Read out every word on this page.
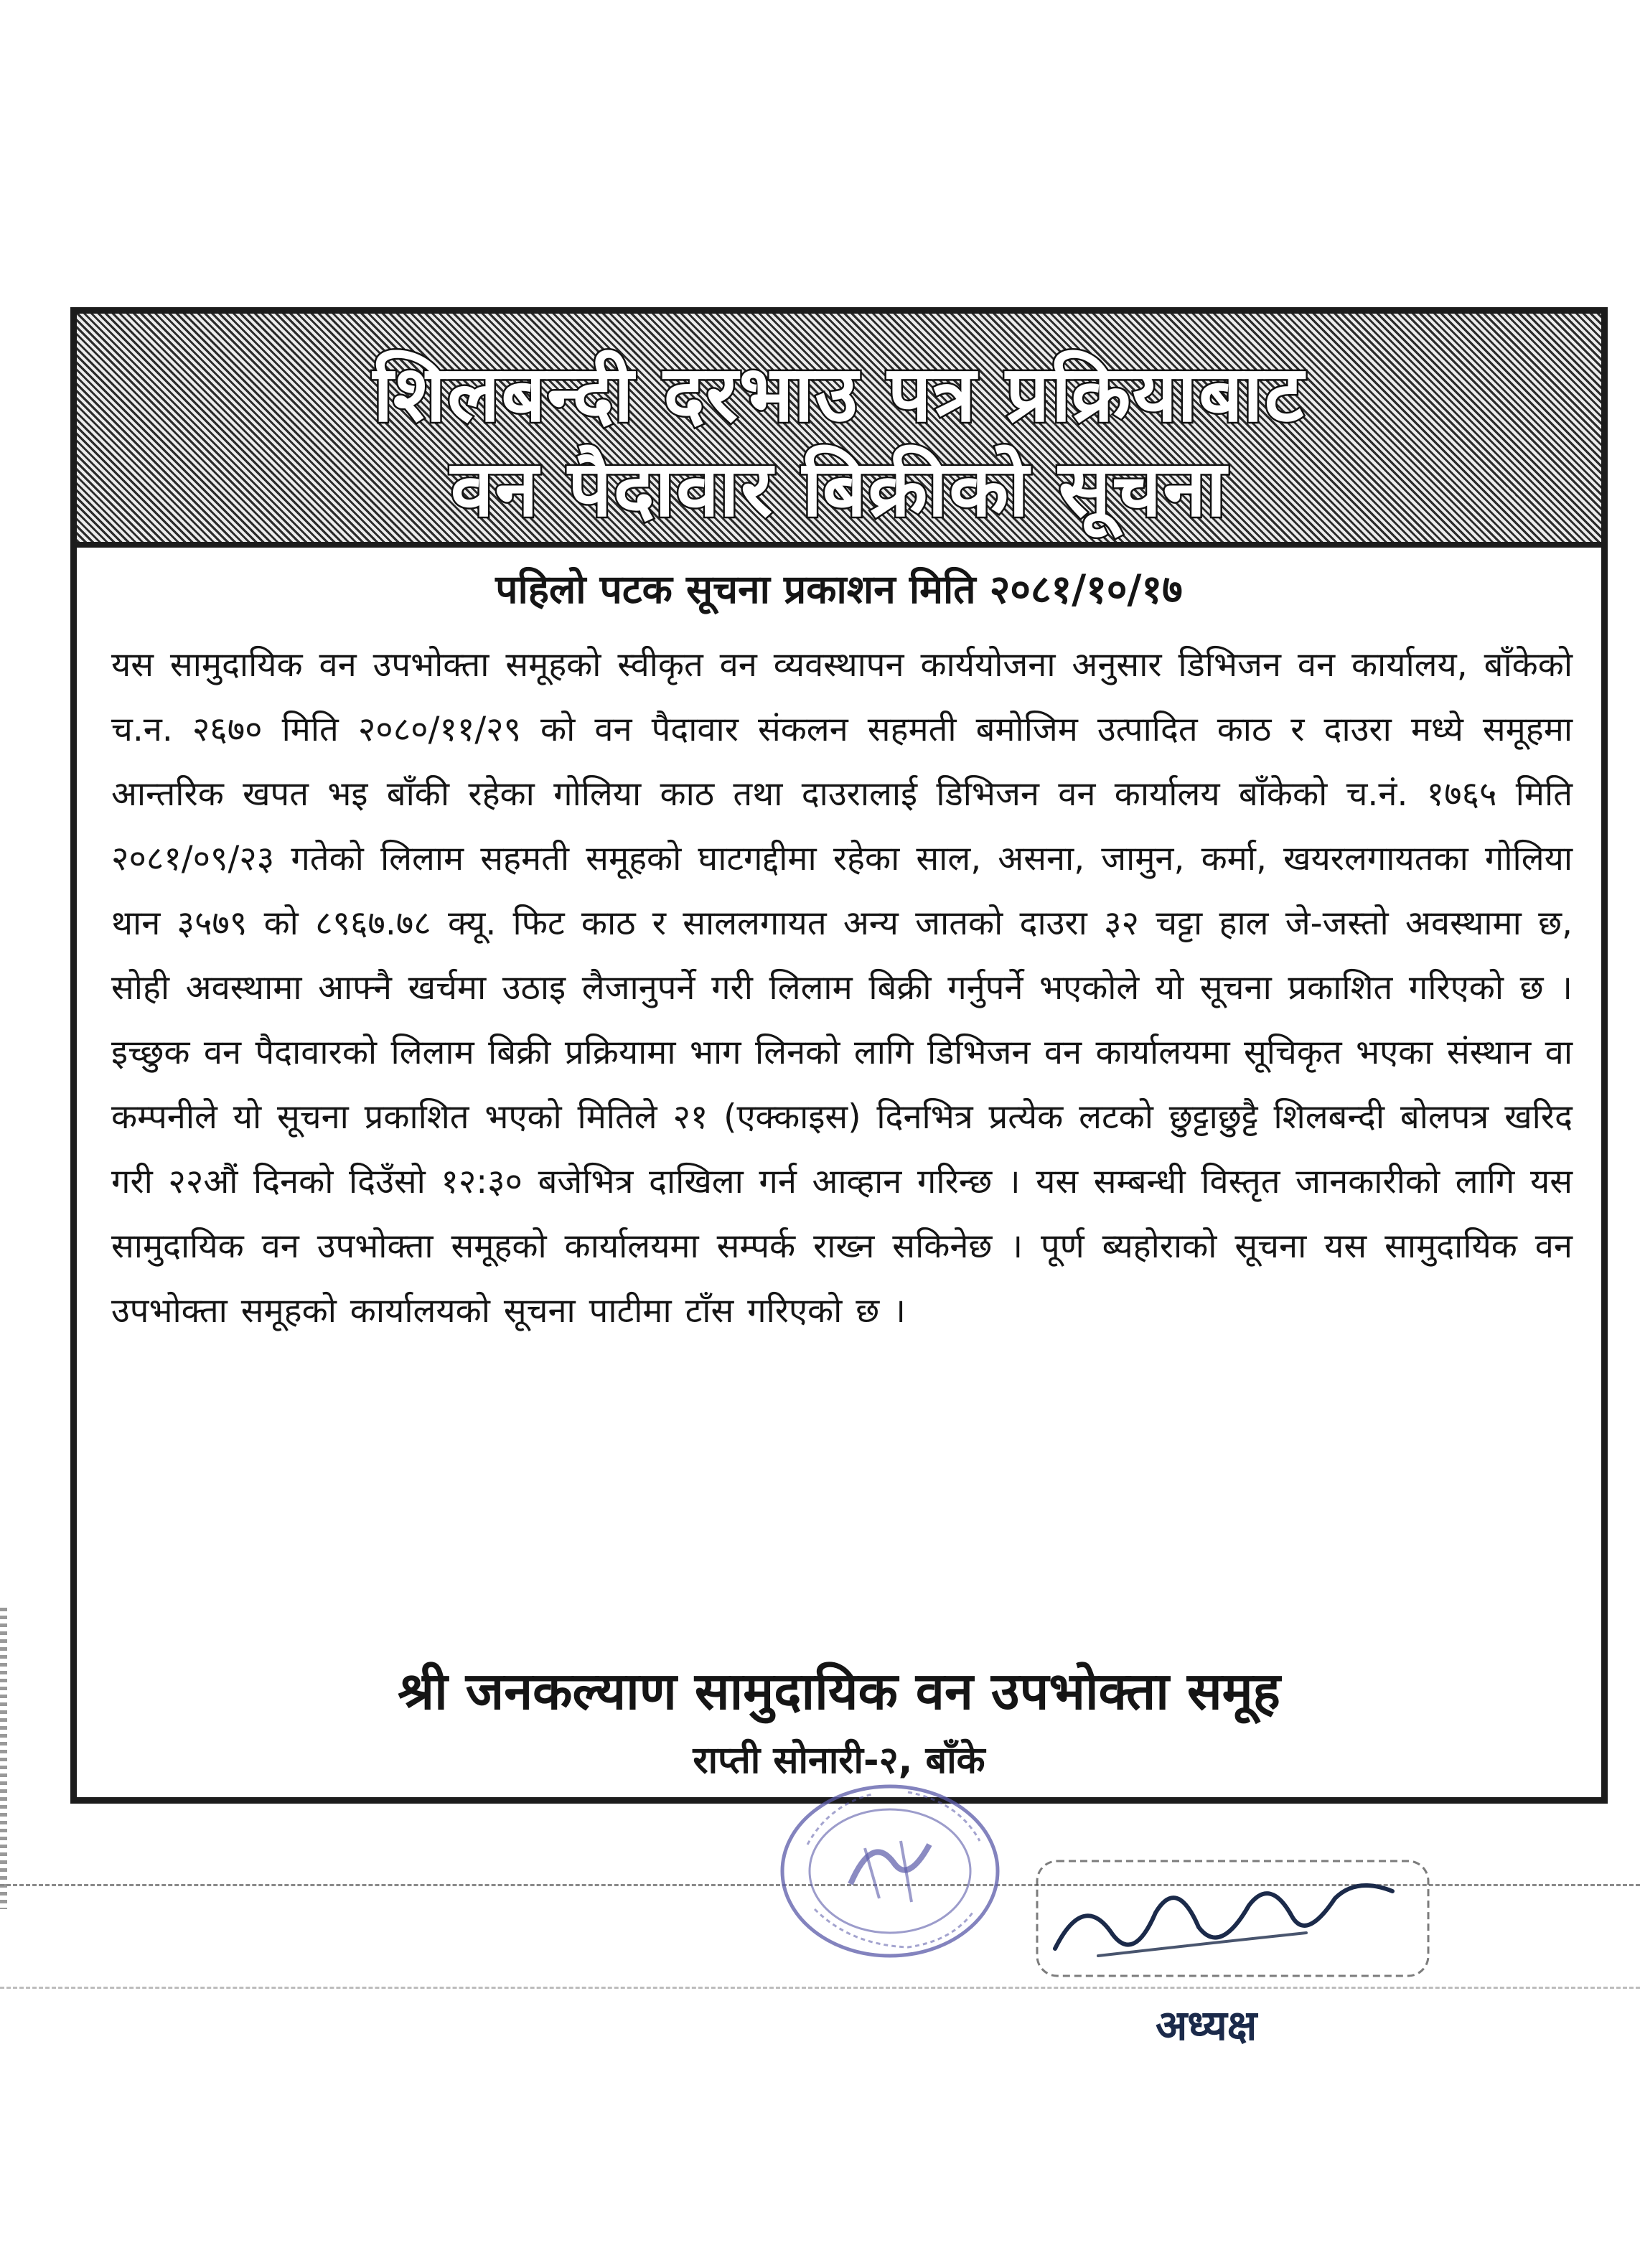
शिलबन्दी दरभाउ पत्र प्रक्रियाबाट
वन पैदावार बिक्रीको सूचना
पहिलो पटक सूचना प्रकाशन मिति २०८१/१०/१७
यस सामुदायिक वन उपभोक्ता समूहको स्वीकृत वन व्यवस्थापन कार्ययोजना अनुसार डिभिजन वन कार्यालय, बाँकेको च.न. २६७० मिति २०८०/११/२९ को वन पैदावार संकलन सहमती बमोजिम उत्पादित काठ र दाउरा मध्ये समूहमा आन्तरिक खपत भइ बाँकी रहेका गोलिया काठ तथा दाउरालाई डिभिजन वन कार्यालय बाँकेको च.नं. १७६५ मिति २०८१/०९/२३ गतेको लिलाम सहमती समूहको घाटगद्दीमा रहेका साल, असना, जामुन, कर्मा, खयरलगायतका गोलिया थान ३५७९ को ८९६७.७८ क्यू. फिट काठ र साललगायत अन्य जातको दाउरा ३२ चट्टा हाल जे-जस्तो अवस्थामा छ, सोही अवस्थामा आफ्नै खर्चमा उठाइ लैजानुपर्ने गरी लिलाम बिक्री गर्नुपर्ने भएकोले यो सूचना प्रकाशित गरिएको छ । इच्छुक वन पैदावारको लिलाम बिक्री प्रक्रियामा भाग लिनको लागि डिभिजन वन कार्यालयमा सूचिकृत भएका संस्थान वा कम्पनीले यो सूचना प्रकाशित भएको मितिले २१ (एक्काइस) दिनभित्र प्रत्येक लटको छुट्टाछुट्टै शिलबन्दी बोलपत्र खरिद गरी २२औं दिनको दिउँसो १२:३० बजेभित्र दाखिला गर्न आव्हान गरिन्छ । यस सम्बन्धी विस्तृत जानकारीको लागि यस सामुदायिक वन उपभोक्ता समूहको कार्यालयमा सम्पर्क राख्न सकिनेछ । पूर्ण ब्यहोराको सूचना यस सामुदायिक वन उपभोक्ता समूहको कार्यालयको सूचना पाटीमा टाँस गरिएको छ ।
श्री जनकल्याण सामुदायिक वन उपभोक्ता समूह
राप्ती सोनारी-२, बाँके
अध्यक्ष
